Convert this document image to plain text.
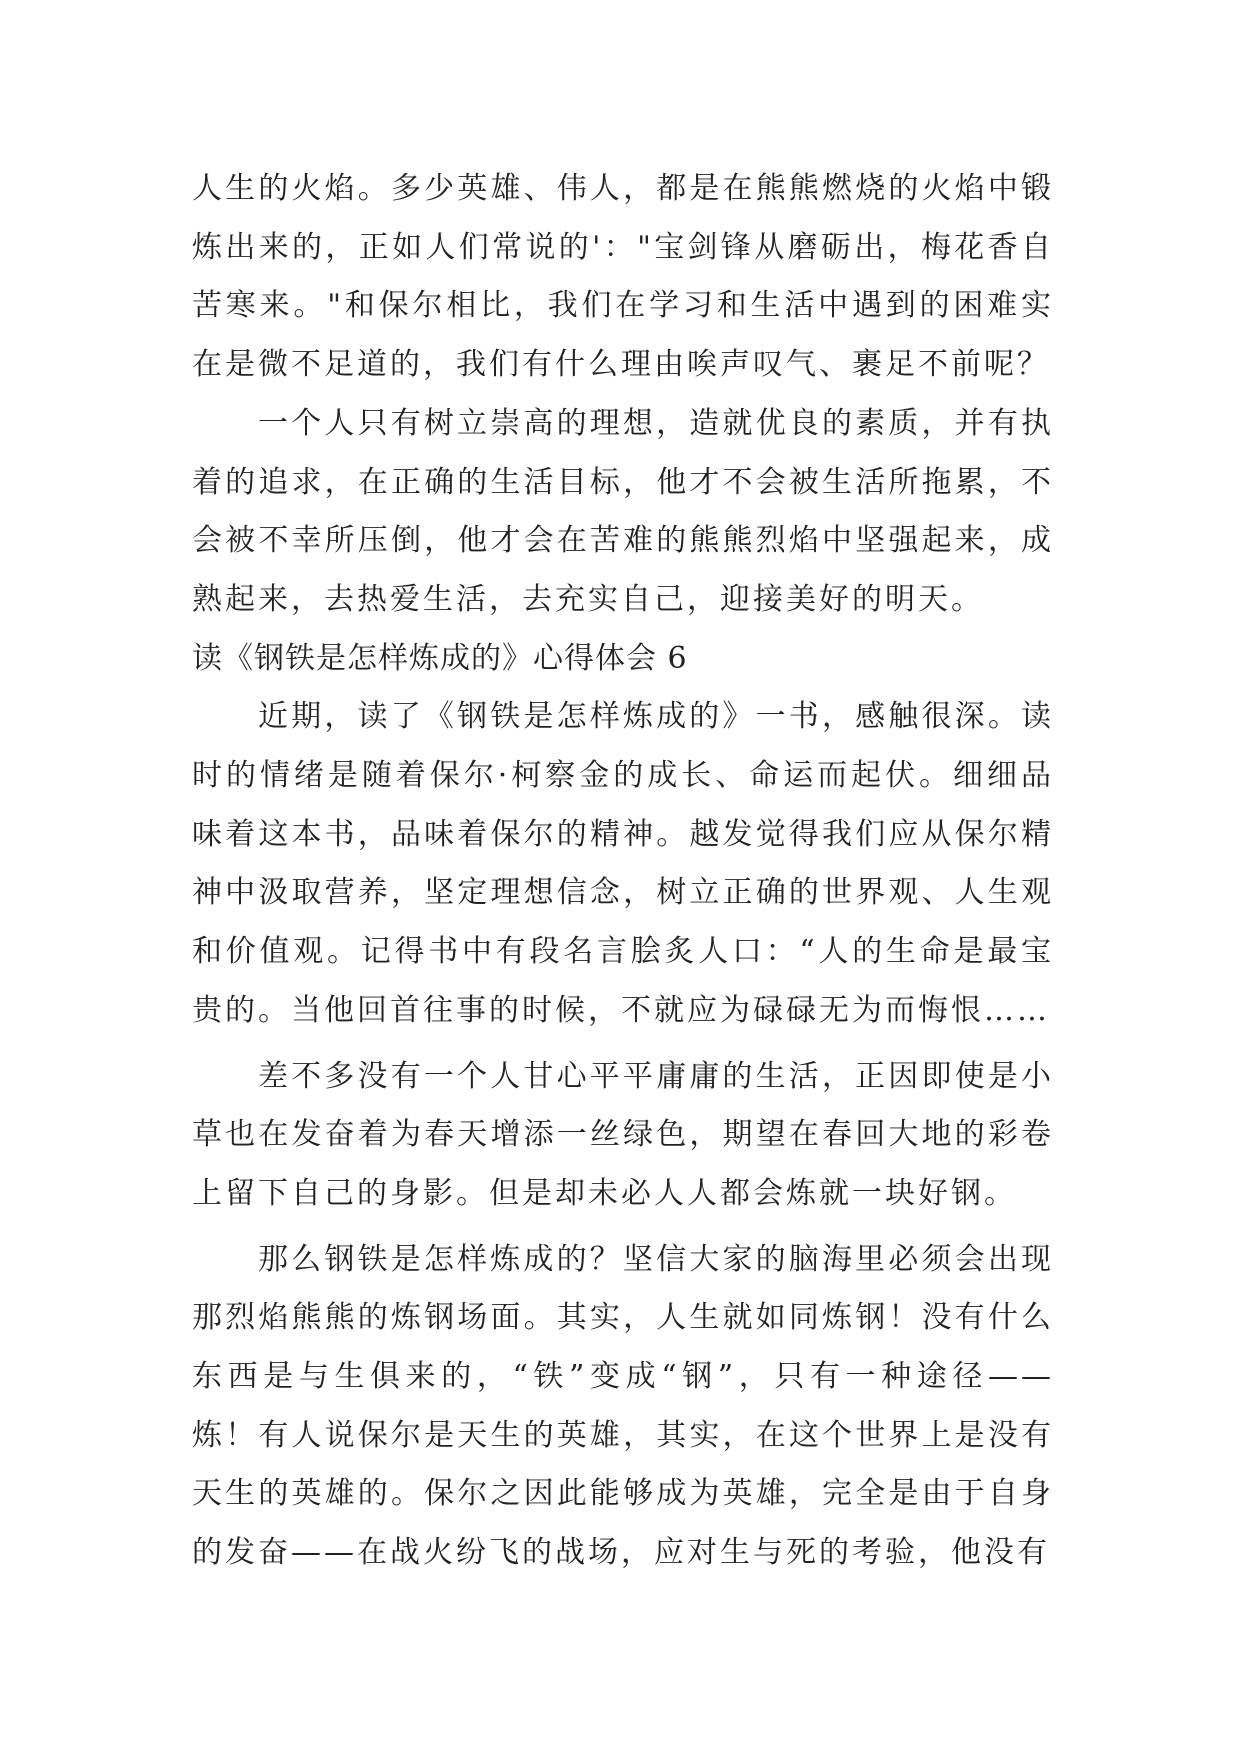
人生的火焰。多少英雄、伟人，都是在熊熊燃烧的火焰中锻炼出来的，正如人们常说的'："宝剑锋从磨砺出，梅花香自苦寒来。"和保尔相比，我们在学习和生活中遇到的困难实在是微不足道的，我们有什么理由唉声叹气、裹足不前呢？

一个人只有树立崇高的理想，造就优良的素质，并有执着的追求，在正确的生活目标，他才不会被生活所拖累，不会被不幸所压倒，他才会在苦难的熊熊烈焰中坚强起来，成熟起来，去热爱生活，去充实自己，迎接美好的明天。

读《钢铁是怎样炼成的》心得体会 6

近期，读了《钢铁是怎样炼成的》一书，感触很深。读时的情绪是随着保尔·柯察金的成长、命运而起伏。细细品味着这本书，品味着保尔的精神。越发觉得我们应从保尔精神中汲取营养，坚定理想信念，树立正确的世界观、人生观和价值观。记得书中有段名言脍炙人口：“人的生命是最宝贵的。当他回首往事的时候，不就应为碌碌无为而悔恨……

差不多没有一个人甘心平平庸庸的生活，正因即使是小草也在发奋着为春天增添一丝绿色，期望在春回大地的彩卷上留下自己的身影。但是却未必人人都会炼就一块好钢。

那么钢铁是怎样炼成的？坚信大家的脑海里必须会出现那烈焰熊熊的炼钢场面。其实，人生就如同炼钢！没有什么东西是与生俱来的，“铁”变成“钢”，只有一种途径——炼！有人说保尔是天生的英雄，其实，在这个世界上是没有天生的英雄的。保尔之因此能够成为英雄，完全是由于自身的发奋——在战火纷飞的战场，应对生与死的考验，他没有
